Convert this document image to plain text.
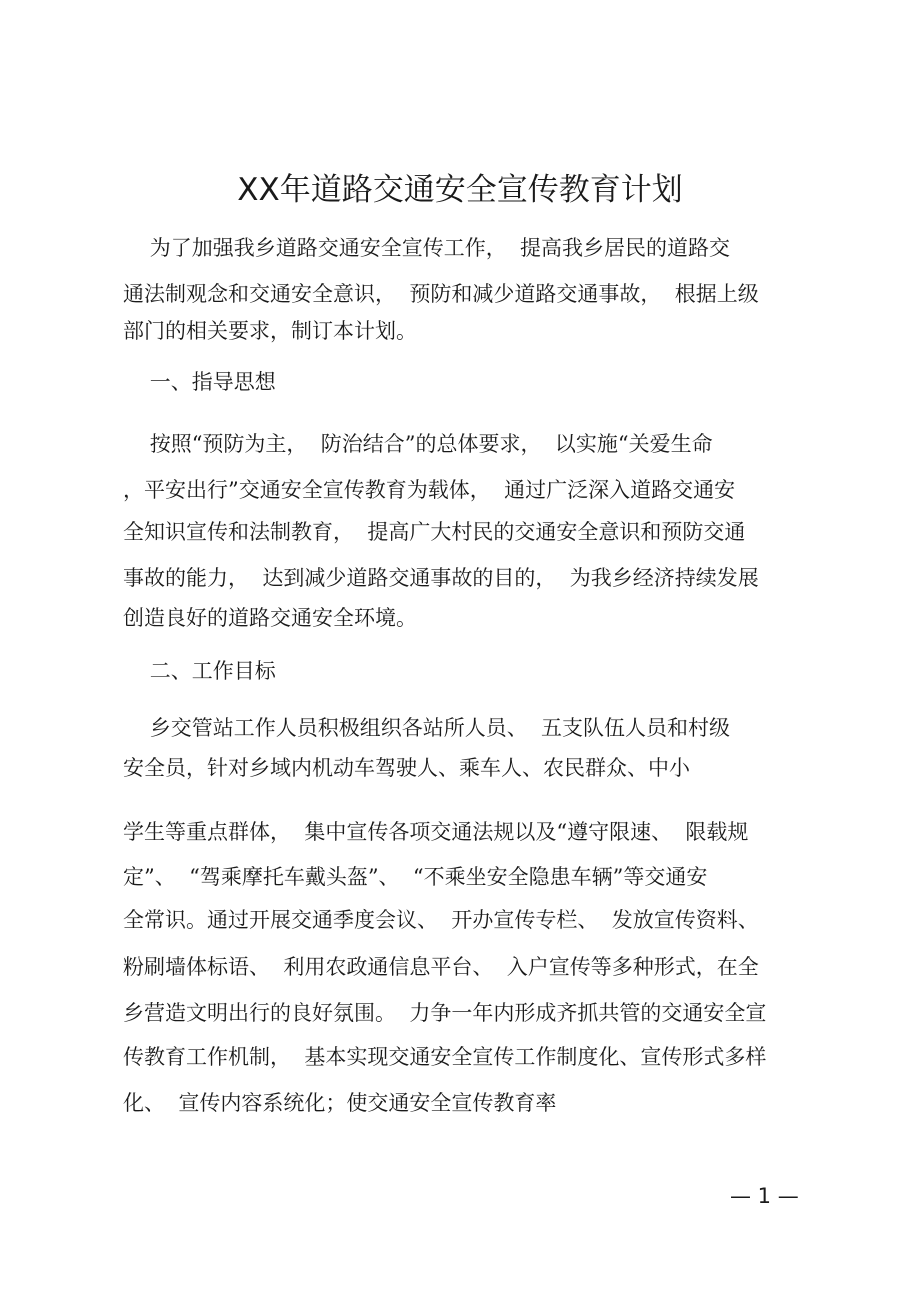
XX年道路交通安全宣传教育计划
为了加强我乡道路交通安全宣传工作，  提高我乡居民的道路交
通法制观念和交通安全意识，  预防和减少道路交通事故，  根据上级
部门的相关要求，制订本计划。
一、指导思想
按照“预防为主，  防治结合”的总体要求，  以实施“关爱生命
，平安出行”交通安全宣传教育为载体，  通过广泛深入道路交通安
全知识宣传和法制教育，  提高广大村民的交通安全意识和预防交通
事故的能力，  达到减少道路交通事故的目的，  为我乡经济持续发展
创造良好的道路交通安全环境。
二、工作目标
乡交管站工作人员积极组织各站所人员、  五支队伍人员和村级
安全员，针对乡域内机动车驾驶人、乘车人、农民群众、中小
学生等重点群体，  集中宣传各项交通法规以及“遵守限速、  限载规
定”、  “驾乘摩托车戴头盔”、  “不乘坐安全隐患车辆”等交通安
全常识。通过开展交通季度会议、  开办宣传专栏、  发放宣传资料、
粉刷墙体标语、  利用农政通信息平台、  入户宣传等多种形式，在全
乡营造文明出行的良好氛围。  力争一年内形成齐抓共管的交通安全宣
传教育工作机制，  基本实现交通安全宣传工作制度化、宣传形式多样
化、  宣传内容系统化；使交通安全宣传教育率
— 1 —
